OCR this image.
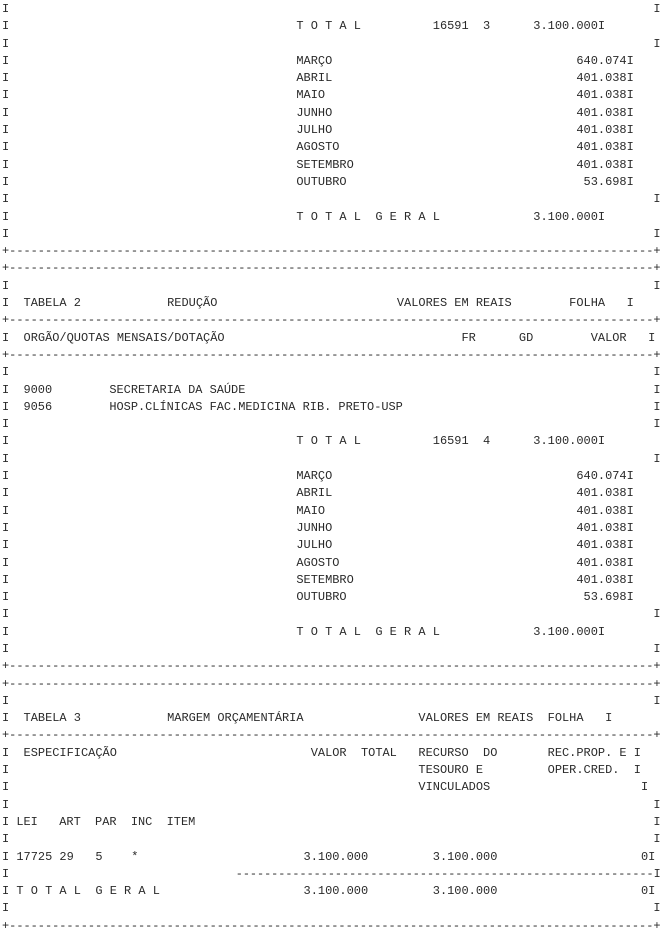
I                                                                                          I
I                                        T O T A L          16591  3      3.100.000I
I                                                                                          I
I                                        MARÇO                                  640.074I
I                                        ABRIL                                  401.038I
I                                        MAIO                                   401.038I
I                                        JUNHO                                  401.038I
I                                        JULHO                                  401.038I
I                                        AGOSTO                                 401.038I
I                                        SETEMBRO                               401.038I
I                                        OUTUBRO                                 53.698I
I                                                                                          I
I                                        T O T A L  G E R A L             3.100.000I
I                                                                                          I
+------------------------------------------------------------------------------------------+
+------------------------------------------------------------------------------------------+
I                                                                                          I
I  TABELA 2            REDUÇÃO                         VALORES EM REAIS        FOLHA   I
+------------------------------------------------------------------------------------------+
I  ORGÃO/QUOTAS MENSAIS/DOTAÇÃO                                 FR      GD        VALOR   I
+------------------------------------------------------------------------------------------+
I                                                                                          I
I  9000        SECRETARIA DA SAÚDE                                                         I
I  9056        HOSP.CLÍNICAS FAC.MEDICINA RIB. PRETO-USP                                   I
I                                                                                          I
I                                        T O T A L          16591  4      3.100.000I
I                                                                                          I
I                                        MARÇO                                  640.074I
I                                        ABRIL                                  401.038I
I                                        MAIO                                   401.038I
I                                        JUNHO                                  401.038I
I                                        JULHO                                  401.038I
I                                        AGOSTO                                 401.038I
I                                        SETEMBRO                               401.038I
I                                        OUTUBRO                                 53.698I
I                                                                                          I
I                                        T O T A L  G E R A L             3.100.000I
I                                                                                          I
+------------------------------------------------------------------------------------------+
+------------------------------------------------------------------------------------------+
I                                                                                          I
I  TABELA 3            MARGEM ORÇAMENTÁRIA                VALORES EM REAIS  FOLHA   I
+------------------------------------------------------------------------------------------+
I  ESPECIFICAÇÃO                           VALOR  TOTAL   RECURSO  DO       REC.PROP. E I
I                                                         TESOURO E         OPER.CRED.  I
I                                                         VINCULADOS                     I
I                                                                                          I
I LEI   ART  PAR  INC  ITEM                                                                I
I                                                                                          I
I 17725 29   5    *                       3.100.000         3.100.000                    0I
I                                -----------------------------------------------------------I
I T O T A L  G E R A L                    3.100.000         3.100.000                    0I
I                                                                                          I
+------------------------------------------------------------------------------------------+
